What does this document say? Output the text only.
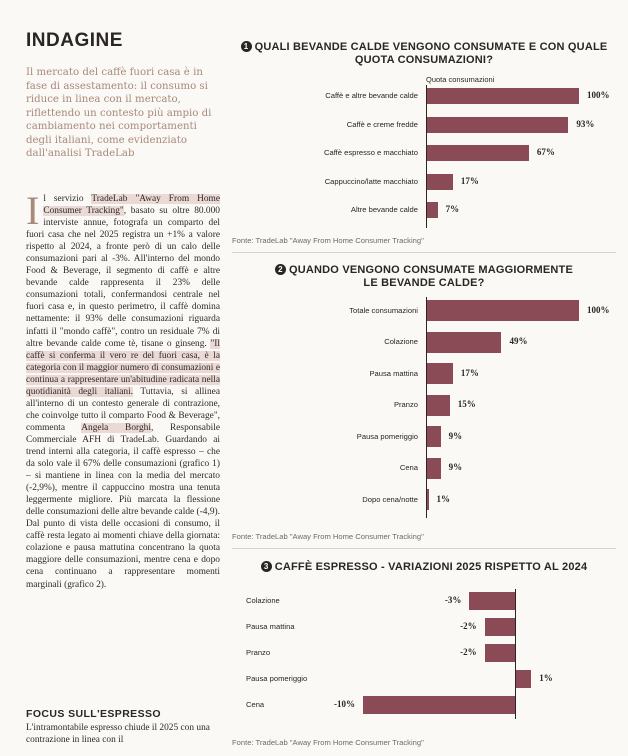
INDAGINE
Il mercato del caffè fuori casa è in fase di assestamento: il consumo si riduce in linea con il mercato, riflettendo un contesto più ampio di cambiamento nei comportamenti degli italiani, come evidenziato dall'analisi TradeLab
Il servizio TradeLab "Away From Home Consumer Tracking", basato su oltre 80.000 interviste annue, fotografa un comparto del fuori casa che nel 2025 registra un +1% a valore rispetto al 2024, a fronte però di un calo delle consumazioni pari al -3%. All'interno del mondo Food & Beverage, il segmento di caffè e altre bevande calde rappresenta il 23% delle consumazioni totali, confermandosi centrale nel fuori casa e, in questo perimetro, il caffè domina nettamente: il 93% delle consumazioni riguarda infatti il "mondo caffè", contro un residuale 7% di altre bevande calde come tè, tisane o ginseng. "Il caffè si conferma il vero re del fuori casa, è la categoria con il maggior numero di consumazioni e continua a rappresentare un'abitudine radicata nella quotidianità degli italiani. Tuttavia, si allinea all'interno di un contesto generale di contrazione, che coinvolge tutto il comparto Food & Beverage", commenta Angela Borghi, Responsabile Commerciale AFH di TradeLab. Guardando ai trend interni alla categoria, il caffè espresso – che da solo vale il 67% delle consumazioni (grafico 1) – si mantiene in linea con la media del mercato (-2,9%), mentre il cappuccino mostra una tenuta leggermente migliore. Più marcata la flessione delle consumazioni delle altre bevande calde (-4,9). Dal punto di vista delle occasioni di consumo, il caffè resta legato ai momenti chiave della giornata: colazione e pausa mattutina concentrano la quota maggiore delle consumazioni, mentre cena e dopo cena continuano a rappresentare momenti marginali (grafico 2).
FOCUS SULL'ESPRESSO
L'intramontabile espresso chiude il 2025 con una contrazione in linea con il
1 QUALI BEVANDE CALDE VENGONO CONSUMATE E CON QUALE QUOTA CONSUMAZIONI?
Quota consumazioni
Caffè e altre bevande calde	100%
Caffè e creme fredde	93%
Caffè espresso e macchiato	67%
Cappuccino/latte macchiato	17%
Altre bevande calde	7%
Fonte: TradeLab "Away From Home Consumer Tracking"
2 QUANDO VENGONO CONSUMATE MAGGIORMENTE LE BEVANDE CALDE?
Totale consumazioni	100%
Colazione	49%
Pausa mattina	17%
Pranzo	15%
Pausa pomeriggio	9%
Cena	9%
Dopo cena/notte 1%
Fonte: TradeLab "Away From Home Consumer Tracking"
3 CAFFÈ ESPRESSO - VARIAZIONI 2025 RISPETTO AL 2024
Colazione	-3%
Pausa mattina	-2%
Pranzo	-2%
Pausa pomeriggio	1%
Cena	-10%
Fonte: TradeLab "Away From Home Consumer Tracking"
